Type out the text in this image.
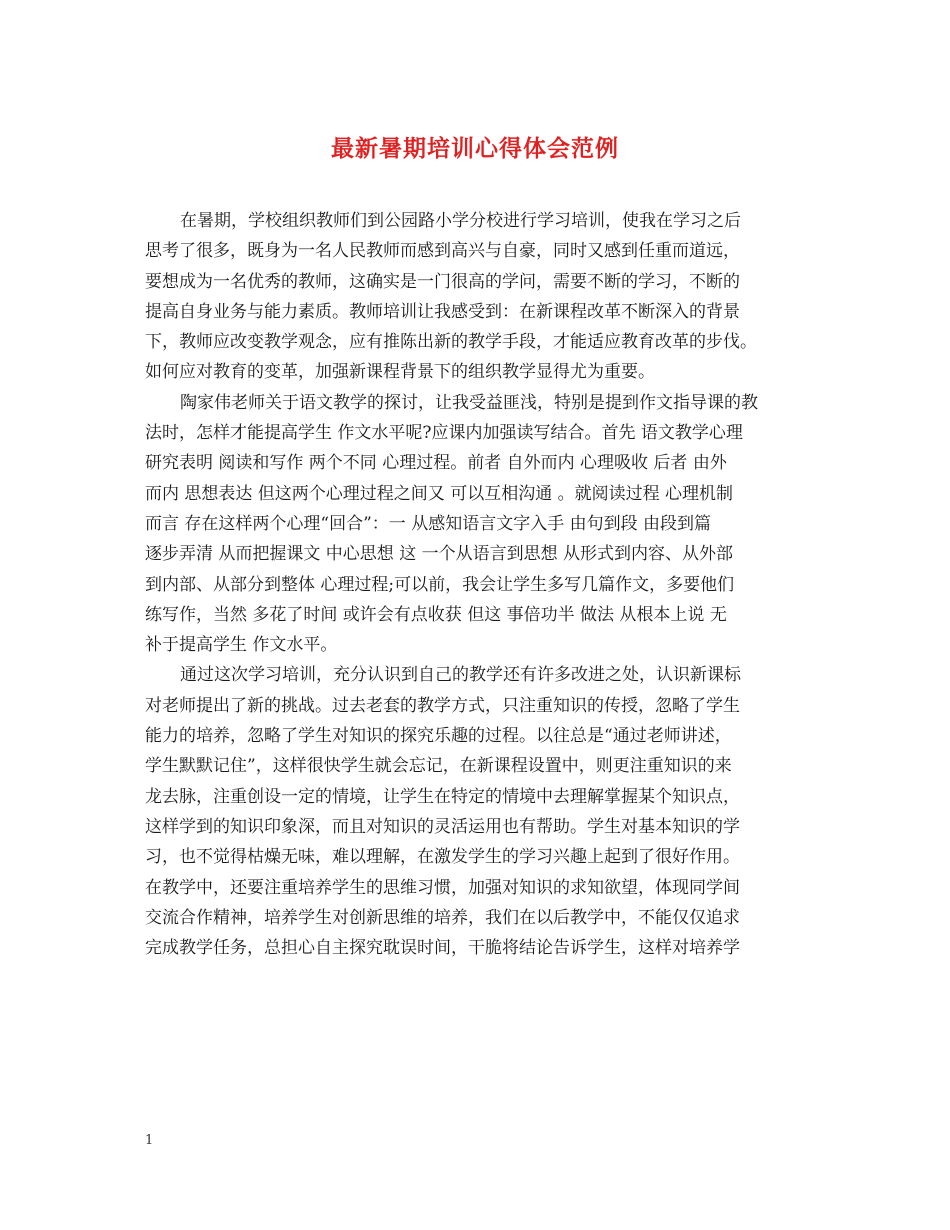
最新暑期培训心得体会范例
在暑期，学校组织教师们到公园路小学分校进行学习培训，使我在学习之后
思考了很多，既身为一名人民教师而感到高兴与自豪，同时又感到任重而道远，
要想成为一名优秀的教师，这确实是一门很高的学问，需要不断的学习，不断的
提高自身业务与能力素质。教师培训让我感受到：在新课程改革不断深入的背景
下，教师应改变教学观念，应有推陈出新的教学手段，才能适应教育改革的步伐。
如何应对教育的变革，加强新课程背景下的组织教学显得尤为重要。
陶家伟老师关于语文教学的探讨，让我受益匪浅，特别是提到作文指导课的教
法时，怎样才能提高学生 作文水平呢?应课内加强读写结合。首先 语文教学心理
研究表明 阅读和写作 两个不同 心理过程。前者 自外而内 心理吸收 后者 由外
而内 思想表达 但这两个心理过程之间又 可以互相沟通 。就阅读过程 心理机制
而言 存在这样两个心理“回合”：一 从感知语言文字入手 由句到段 由段到篇
逐步弄清 从而把握课文 中心思想 这 一个从语言到思想 从形式到内容、从外部
到内部、从部分到整体 心理过程;可以前，我会让学生多写几篇作文，多要他们
练写作，当然 多花了时间 或许会有点收获 但这 事倍功半 做法 从根本上说 无
补于提高学生 作文水平。
通过这次学习培训，充分认识到自己的教学还有许多改进之处，认识新课标
对老师提出了新的挑战。过去老套的教学方式，只注重知识的传授，忽略了学生
能力的培养，忽略了学生对知识的探究乐趣的过程。以往总是“通过老师讲述，
学生默默记住”，这样很快学生就会忘记，在新课程设置中，则更注重知识的来
龙去脉，注重创设一定的情境，让学生在特定的情境中去理解掌握某个知识点，
这样学到的知识印象深，而且对知识的灵活运用也有帮助。学生对基本知识的学
习，也不觉得枯燥无味，难以理解，在激发学生的学习兴趣上起到了很好作用。
在教学中，还要注重培养学生的思维习惯，加强对知识的求知欲望，体现同学间
交流合作精神，培养学生对创新思维的培养，我们在以后教学中，不能仅仅追求
完成教学任务，总担心自主探究耽误时间，干脆将结论告诉学生，这样对培养学
1
